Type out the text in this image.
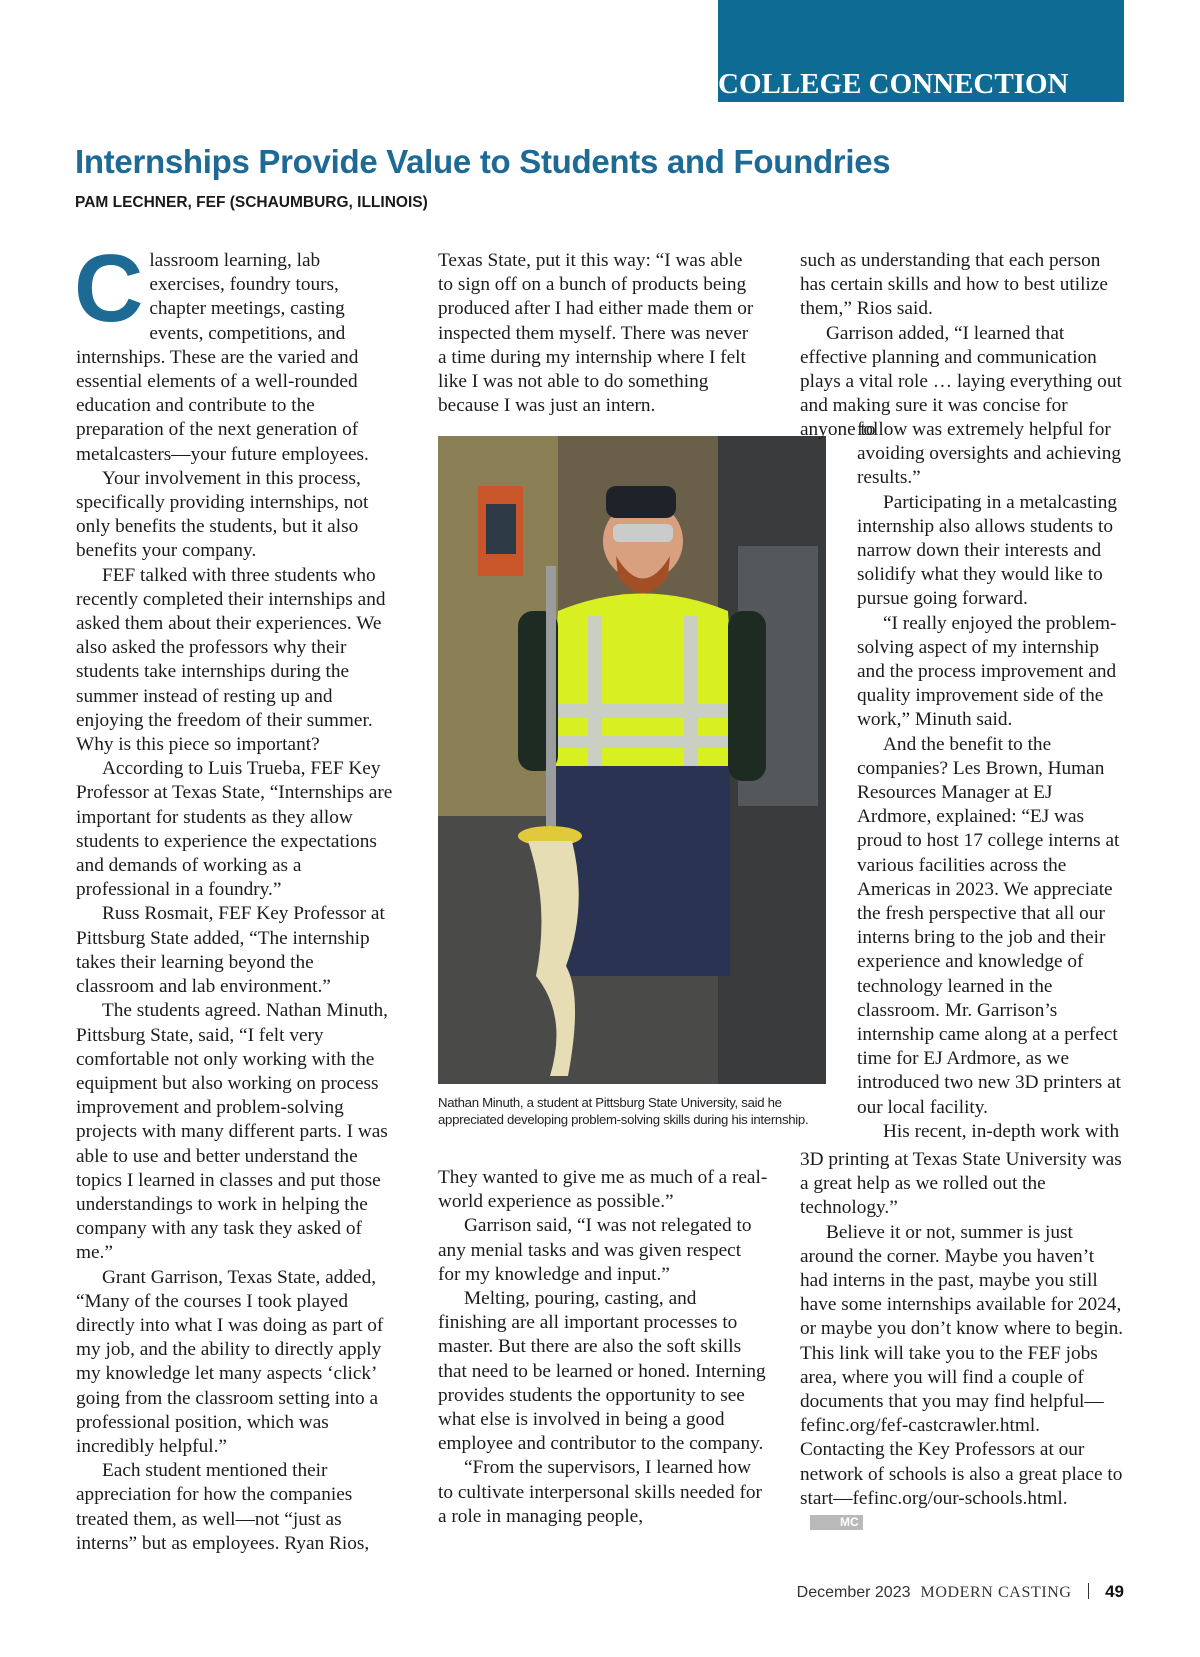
COLLEGE CONNECTION
Internships Provide Value to Students and Foundries
PAM LECHNER, FEF (SCHAUMBURG, ILLINOIS)

Classroom learning, lab exercises, foundry tours, chapter meetings, casting events, competitions, and internships. These are the varied and essential elements of a well-rounded education and contribute to the preparation of the next generation of metalcasters—your future employees.

Your involvement in this process, specifically providing internships, not only benefits the students, but it also benefits your company.

FEF talked with three students who recently completed their internships and asked them about their experiences. We also asked the professors why their students take internships during the summer instead of resting up and enjoying the freedom of their summer. Why is this piece so important?

According to Luis Trueba, FEF Key Professor at Texas State, “Internships are important for students as they allow students to experience the expectations and demands of working as a professional in a foundry.”

Russ Rosmait, FEF Key Professor at Pittsburg State added, “The internship takes their learning beyond the classroom and lab environment.”

The students agreed. Nathan Minuth, Pittsburg State, said, “I felt very comfortable not only working with the equipment but also working on process improvement and problem-solving projects with many different parts. I was able to use and better understand the topics I learned in classes and put those understandings to work in helping the company with any task they asked of me.”

Grant Garrison, Texas State, added, “Many of the courses I took played directly into what I was doing as part of my job, and the ability to directly apply my knowledge let many aspects ‘click’ going from the classroom setting into a professional position, which was incredibly helpful.”

Each student mentioned their appreciation for how the companies treated them, as well—not “just as interns” but as employees. Ryan Rios,

Texas State, put it this way: “I was able to sign off on a bunch of products being produced after I had either made them or inspected them myself. There was never a time during my internship where I felt like I was not able to do something because I was just an intern.

Nathan Minuth, a student at Pittsburg State University, said he appreciated developing problem-solving skills during his internship.

They wanted to give me as much of a real-world experience as possible.”

Garrison said, “I was not relegated to any menial tasks and was given respect for my knowledge and input.”

Melting, pouring, casting, and finishing are all important processes to master. But there are also the soft skills that need to be learned or honed. Interning provides students the opportunity to see what else is involved in being a good employee and contributor to the company.

“From the supervisors, I learned how to cultivate interpersonal skills needed for a role in managing people,

such as understanding that each person has certain skills and how to best utilize them,” Rios said.

Garrison added, “I learned that effective planning and communication plays a vital role … laying everything out and making sure it was concise for anyone to

follow was extremely helpful for avoiding oversights and achieving results.”

Participating in a metalcasting internship also allows students to narrow down their interests and solidify what they would like to pursue going forward.

“I really enjoyed the problem-solving aspect of my internship and the process improvement and quality improvement side of the work,” Minuth said.

And the benefit to the companies? Les Brown, Human Resources Manager at EJ Ardmore, explained: “EJ was proud to host 17 college interns at various facilities across the Americas in 2023. We appreciate the fresh perspective that all our interns bring to the job and their experience and knowledge of technology learned in the classroom. Mr. Garrison’s internship came along at a perfect time for EJ Ardmore, as we introduced two new 3D printers at our local facility.

His recent, in-depth work with

3D printing at Texas State University was a great help as we rolled out the technology.”

Believe it or not, summer is just around the corner. Maybe you haven’t had interns in the past, maybe you still have some internships available for 2024, or maybe you don’t know where to begin. This link will take you to the FEF jobs area, where you will find a couple of documents that you may find helpful—fefinc.org/fef-castcrawler.html. Contacting the Key Professors at our network of schools is also a great place to start—fefinc.org/our-schools.html.MC

December 2023 MODERN CASTING 49
